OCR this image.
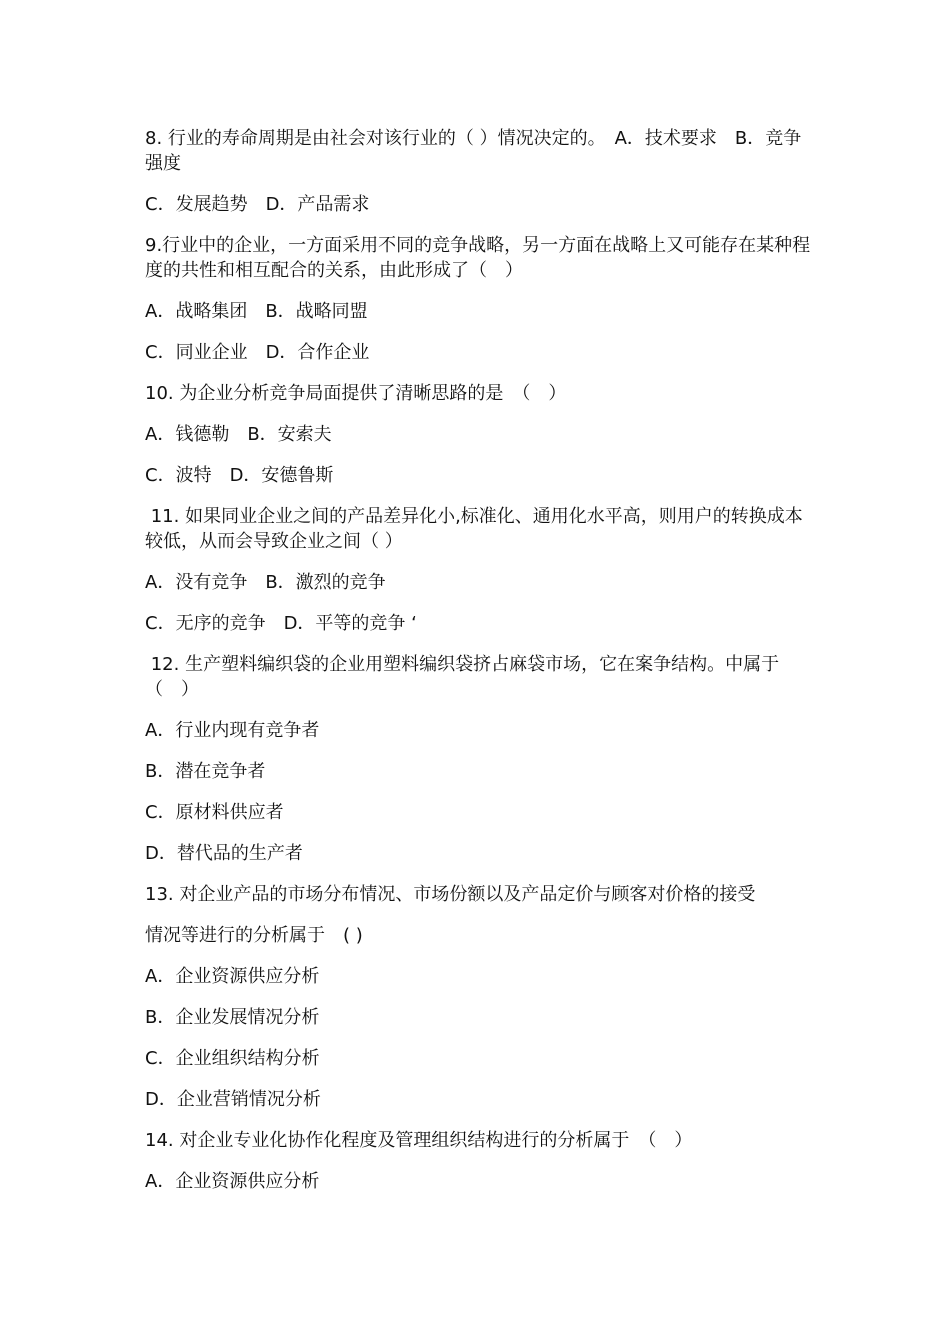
8. 行业的寿命周期是由社会对该行业的（ ）情况决定的。　A．技术要求　B．竞争强度

C．发展趋势　D．产品需求

9.行业中的企业，一方面采用不同的竞争战略，另一方面在战略上又可能存在某种程度的共性和相互配合的关系，由此形成了（　）

A．战略集团　B．战略同盟

C．同业企业　D．合作企业

10. 为企业分析竞争局面提供了清晰思路的是　（　）

A．钱德勒　B．安索夫

C．波特　D．安德鲁斯

11. 如果同业企业之间的产品差异化小,标准化、通用化水平高，则用户的转换成本较低，从而会导致企业之间（ ）

A．没有竞争　B．激烈的竞争

C．无序的竞争　D．平等的竞争 ‘

12. 生产塑料编织袋的企业用塑料编织袋挤占麻袋市场，它在案争结构。中属于（　）

A．行业内现有竞争者

B．潜在竞争者

C．原材料供应者

D．替代品的生产者

13. 对企业产品的市场分布情况、市场份额以及产品定价与顾客对价格的接受

情况等进行的分析属于　( )

A．企业资源供应分析

B．企业发展情况分析

C．企业组织结构分析

D．企业营销情况分析

14. 对企业专业化协作化程度及管理组织结构进行的分析属于　（　）

A．企业资源供应分析
